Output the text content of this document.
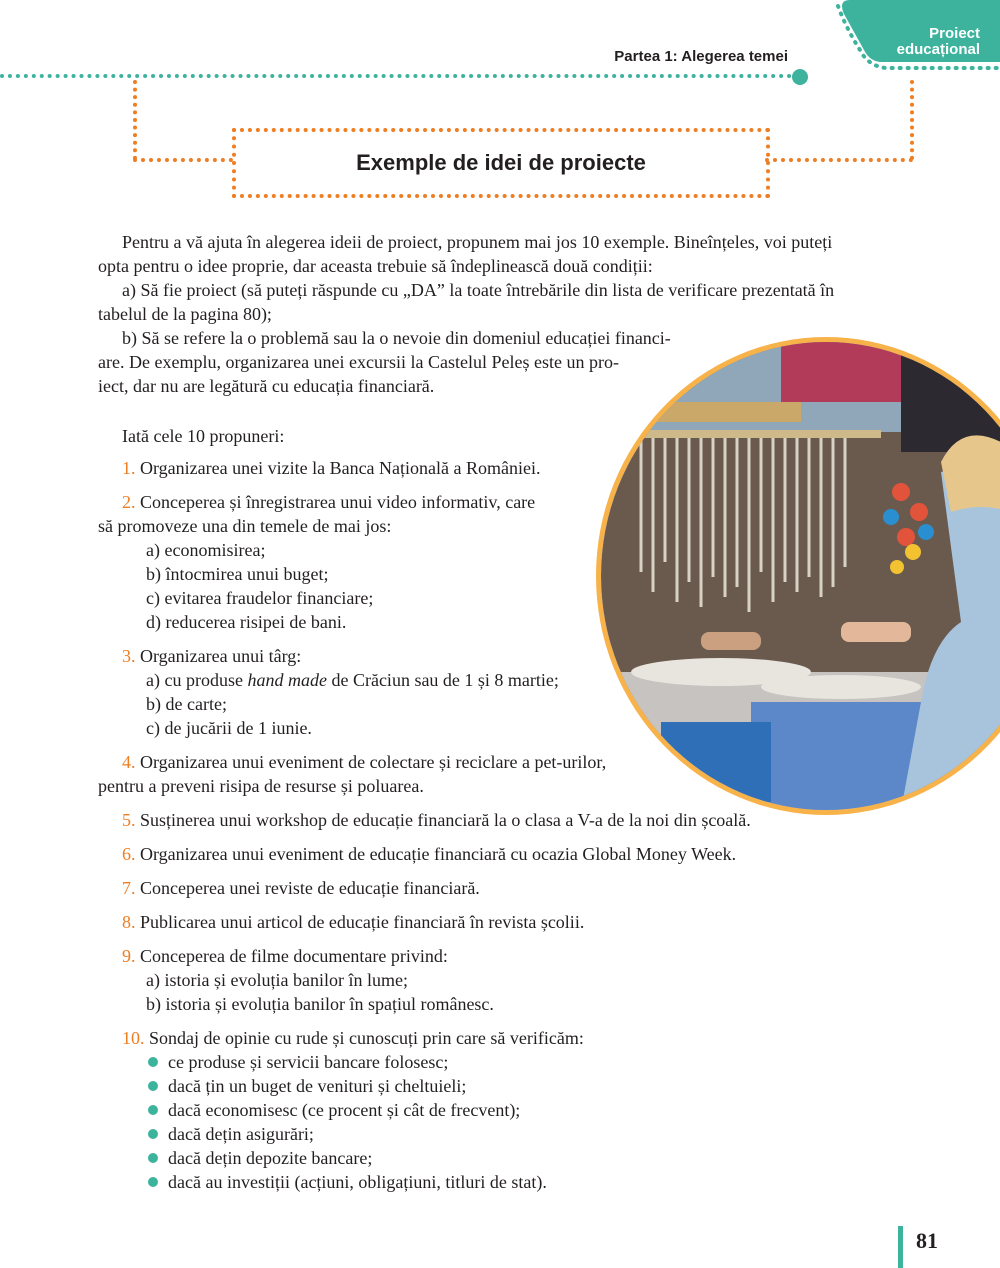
Partea 1: Alegerea temei
Proiect
educațional
Exemple de idei de proiecte
Pentru a vă ajuta în alegerea ideii de proiect, propunem mai jos 10 exemple. Bineînțeles, voi puteți
opta pentru o idee proprie, dar aceasta trebuie să îndeplinească două condiții:
a) Să fie proiect (să puteți răspunde cu „DA” la toate întrebările din lista de verificare prezentată în
tabelul de la pagina 80);
b) Să se refere la o problemă sau la o nevoie din domeniul educației financi-
are. De exemplu, organizarea unei excursii la Castelul Peleș este un pro-
iect, dar nu are legătură cu educația financiară.
Iată cele 10 propuneri:
1. Organizarea unei vizite la Banca Națională a României.
2. Conceperea și înregistrarea unui video informativ, care
să promoveze una din temele de mai jos:
a) economisirea;
b) întocmirea unui buget;
c) evitarea fraudelor financiare;
d) reducerea risipei de bani.
3. Organizarea unui târg:
a) cu produse hand made de Crăciun sau de 1 și 8 martie;
b) de carte;
c) de jucării de 1 iunie.
4. Organizarea unui eveniment de colectare și reciclare a pet-urilor,
pentru a preveni risipa de resurse și poluarea.
5. Susținerea unui workshop de educație financiară la o clasa a V-a de la noi din școală.
6. Organizarea unui eveniment de educație financiară cu ocazia Global Money Week.
7. Conceperea unei reviste de educație financiară.
8. Publicarea unui articol de educație financiară în revista școlii.
9. Conceperea de filme documentare privind:
a) istoria și evoluția banilor în lume;
b) istoria și evoluția banilor în spațiul românesc.
10. Sondaj de opinie cu rude și cunoscuți prin care să verificăm:
ce produse și servicii bancare folosesc;
dacă țin un buget de venituri și cheltuieli;
dacă economisesc (ce procent și cât de frecvent);
dacă dețin asigurări;
dacă dețin depozite bancare;
dacă au investiții (acțiuni, obligațiuni, titluri de stat).
81
